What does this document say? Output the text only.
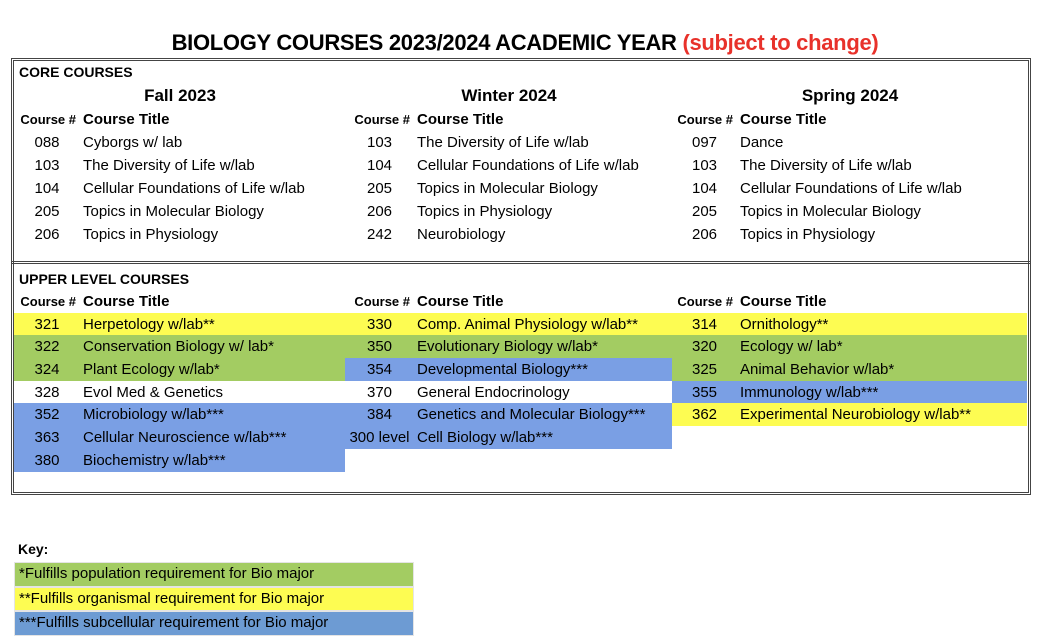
BIOLOGY COURSES 2023/2024 ACADEMIC YEAR (subject to change)
CORE COURSES
Fall 2023	Winter 2024	Spring 2024
UPPER LEVEL COURSES
Course # Course Title
088	Cyborgs w/ lab
103	The Diversity of Life w/lab
104	Cellular Foundations of Life w/lab
205	Topics in Molecular Biology
206	Topics in Physiology
Course # Course Title
103	The Diversity of Life w/lab
104	Cellular Foundations of Life w/lab
205	Topics in Molecular Biology
206	Topics in Physiology
242	Neurobiology
Course # Course Title
097	Dance
103	The Diversity of Life w/lab
104	Cellular Foundations of Life w/lab
205	Topics in Molecular Biology
206	Topics in Physiology
Course # Course Title
321	Herpetology w/lab**
322	Conservation Biology w/ lab*
324	Plant Ecology w/lab*
328	Evol Med & Genetics
352	Microbiology w/lab***
363	Cellular Neuroscience w/lab***
380	Biochemistry w/lab***
Course # Course Title
330	Comp. Animal Physiology w/lab**
350	Evolutionary Biology w/lab*
354	Developmental Biology***
370	General Endocrinology
384	Genetics and Molecular Biology***
300 level Cell Biology w/lab***
Course # Course Title
314	Ornithology**
320	Ecology w/ lab*
325	Animal Behavior w/lab*
355	Immunology w/lab***
362	Experimental Neurobiology w/lab**
Key:
*Fulfills population requirement for Bio major
**Fulfills organismal requirement for Bio major
***Fulfills subcellular requirement for Bio major
